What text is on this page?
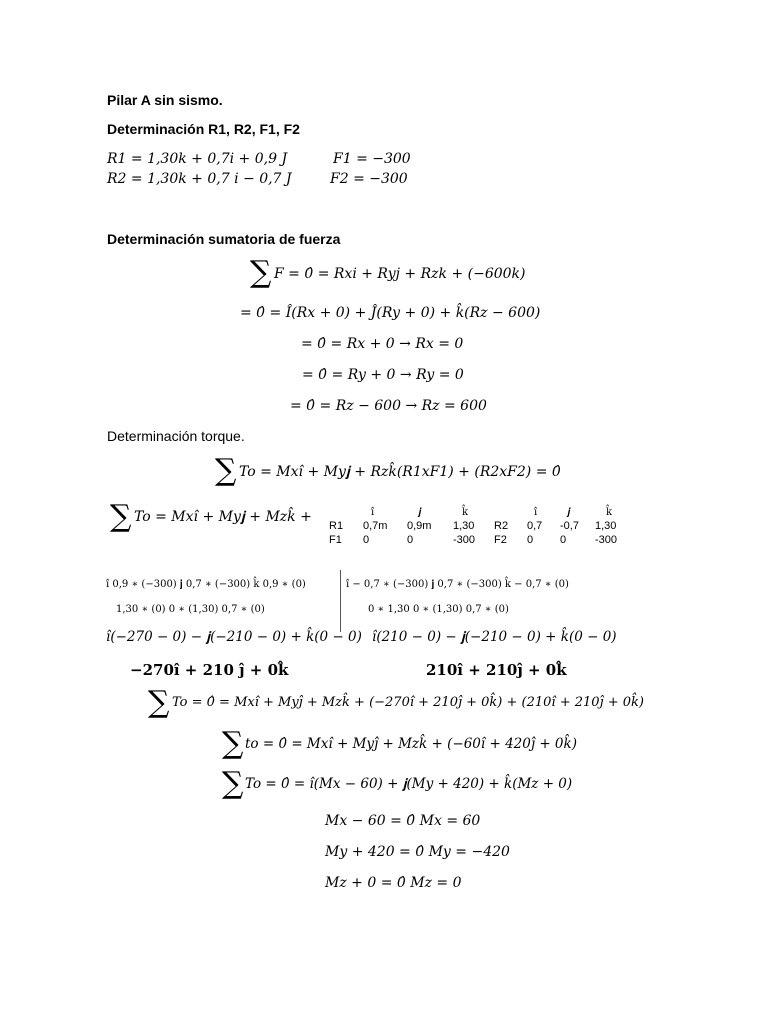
Pilar A sin sismo.
Determinación R1, R2, F1, F2
R1 = 1,30k + 0,7i + 0,9 J	F1 = −300
R2 = 1,30k + 0,7 i − 0,7 J	F2 = −300
Determinación sumatoria de fuerza
∑ F = 0̂ = Rxi + Ryj + Rzk + (−600k)
= 0̂ = Î(Rx + 0) + Ĵ(Ry + 0) + k̂(Rz − 600)
= 0̂ = Rx + 0 → Rx = 0
= 0̂ = Ry + 0 → Ry = 0
= 0̂ = Rz − 600 → Rz = 600
Determinación torque.
∑ To = Mxî + My𝐣 + Rzk̂(R1xF1) + (R2xF2) = 0̂
∑ To = Mxî + My𝐣 + Mzk̂ +	î	𝒋	k̂
R1 0,7m 0,9m 1,30
F1 0	0	-300
î	𝒋	k̂
R2 0,7 -0,7 1,30
F2 0 0	-300
î 0,9 ∗ (−300) 𝐣 0,7 ∗ (−300) k̂ 0,9 ∗ (0)
1,30 ∗ (0) 0 ∗ (1,30) 0,7 ∗ (0)
î(−270 − 0) − 𝐣(−210 − 0) + k̂(0 − 0)
−270î + 210 ĵ + 0k̂
î − 0,7 ∗ (−300) 𝐣 0,7 ∗ (−300) k̂ − 0,7 ∗ (0)
0 ∗ 1,30 0 ∗ (1,30) 0,7 ∗ (0)
î(210 − 0) − 𝐣(−210 − 0) + k̂(0 − 0)
210î + 210ĵ + 0k̂
∑ To = 0̂ = Mxî + Myĵ + Mzk̂ + (−270î + 210ĵ + 0k̂) + (210î + 210ĵ + 0k̂)
∑ to = 0̂ = Mxî + Myĵ + Mzk̂ + (−60î + 420ĵ + 0k̂)
∑ To = 0̂ = î(Mx − 60) + 𝐣(My + 420) + k̂(Mz + 0)
Mx − 60 = 0̂ Mx = 60
My + 420 = 0̂ My = −420
Mz + 0 = 0̂ Mz = 0
